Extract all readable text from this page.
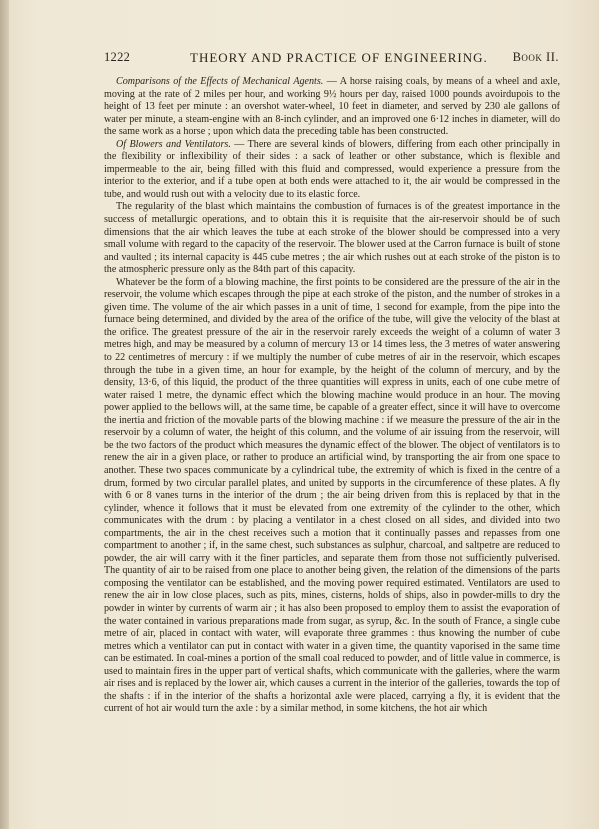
1222	THEORY AND PRACTICE OF ENGINEERING. Book II.

Comparisons of the Effects of Mechanical Agents. — A horse raising coals, by means of a wheel and axle, moving at the rate of 2 miles per hour, and working 9½ hours per day, raised 1000 pounds avoirdupois to the height of 13 feet per minute : an overshot water-wheel, 10 feet in diameter, and served by 230 ale gallons of water per minute, a steam-engine with an 8-inch cylinder, and an improved one 6·12 inches in diameter, will do the same work as a horse ; upon which data the preceding table has been constructed.

Of Blowers and Ventilators. — There are several kinds of blowers, differing from each other principally in the flexibility or inflexibility of their sides : a sack of leather or other substance, which is flexible and impermeable to the air, being filled with this fluid and compressed, would experience a pressure from the interior to the exterior, and if a tube open at both ends were attached to it, the air would be compressed in the tube, and would rush out with a velocity due to its elastic force.

The regularity of the blast which maintains the combustion of furnaces is of the greatest importance in the success of metallurgic operations, and to obtain this it is requisite that the air-reservoir should be of such dimensions that the air which leaves the tube at each stroke of the blower should be compressed into a very small volume with regard to the capacity of the reservoir. The blower used at the Carron furnace is built of stone and vaulted ; its internal capacity is 445 cube metres ; the air which rushes out at each stroke of the piston is to the atmospheric pressure only as the 84th part of this capacity.

Whatever be the form of a blowing machine, the first points to be considered are the pressure of the air in the reservoir, the volume which escapes through the pipe at each stroke of the piston, and the number of strokes in a given time. The volume of the air which passes in a unit of time, 1 second for example, from the pipe into the furnace being determined, and divided by the area of the orifice of the tube, will give the velocity of the blast at the orifice. The greatest pressure of the air in the reservoir rarely exceeds the weight of a column of water 3 metres high, and may be measured by a column of mercury 13 or 14 times less, the 3 metres of water answering to 22 centimetres of mercury : if we multiply the number of cube metres of air in the reservoir, which escapes through the tube in a given time, an hour for example, by the height of the column of mercury, and by the density, 13·6, of this liquid, the product of the three quantities will express in units, each of one cube metre of water raised 1 metre, the dynamic effect which the blowing machine would produce in an hour. The moving power applied to the bellows will, at the same time, be capable of a greater effect, since it will have to overcome the inertia and friction of the movable parts of the blowing machine : if we measure the pressure of the air in the reservoir by a column of water, the height of this column, and the volume of air issuing from the reservoir, will be the two factors of the product which measures the dynamic effect of the blower. The object of ventilators is to renew the air in a given place, or rather to produce an artificial wind, by transporting the air from one space to another. These two spaces communicate by a cylindrical tube, the extremity of which is fixed in the centre of a drum, formed by two circular parallel plates, and united by supports in the circumference of these plates. A fly with 6 or 8 vanes turns in the interior of the drum ; the air being driven from this is replaced by that in the cylinder, whence it follows that it must be elevated from one extremity of the cylinder to the other, which communicates with the drum : by placing a ventilator in a chest closed on all sides, and divided into two compartments, the air in the chest receives such a motion that it continually passes and repasses from one compartment to another ; if, in the same chest, such substances as sulphur, charcoal, and saltpetre are reduced to powder, the air will carry with it the finer particles, and separate them from those not sufficiently pulverised. The quantity of air to be raised from one place to another being given, the relation of the dimensions of the parts composing the ventilator can be established, and the moving power required estimated. Ventilators are used to renew the air in low close places, such as pits, mines, cisterns, holds of ships, also in powder-mills to dry the powder in winter by currents of warm air ; it has also been proposed to employ them to assist the evaporation of the water contained in various preparations made from sugar, as syrup, &c. In the south of France, a single cube metre of air, placed in contact with water, will evaporate three grammes : thus knowing the number of cube metres which a ventilator can put in contact with water in a given time, the quantity vaporised in the same time can be estimated. In coal-mines a portion of the small coal reduced to powder, and of little value in commerce, is used to maintain fires in the upper part of vertical shafts, which communicate with the galleries, where the warm air rises and is replaced by the lower air, which causes a current in the interior of the galleries, towards the top of the shafts : if in the interior of the shafts a horizontal axle were placed, carrying a fly, it is evident that the current of hot air would turn the axle : by a similar method, in some kitchens, the hot air which
